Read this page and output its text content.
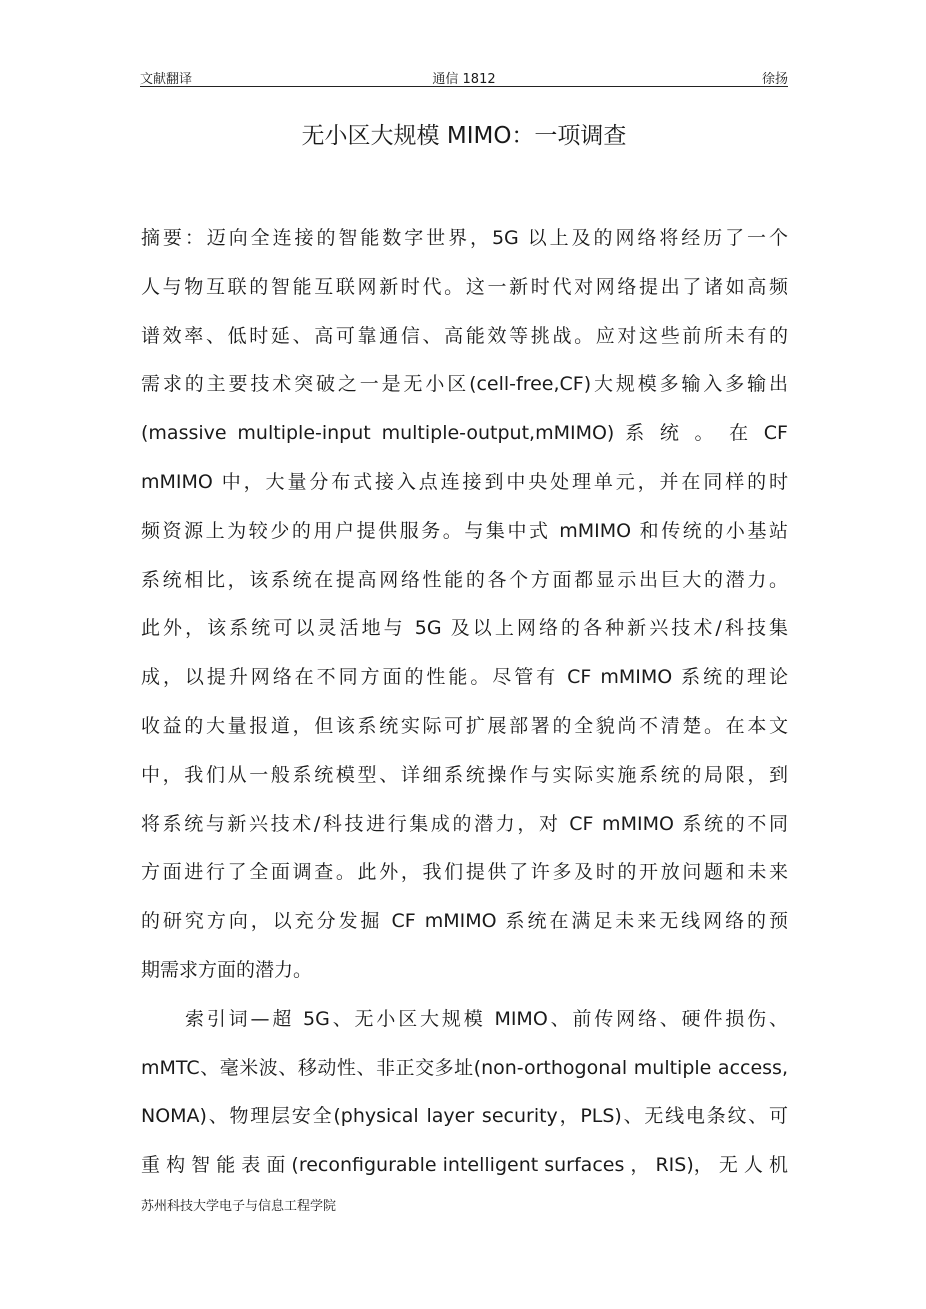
文献翻译	通信 1812	徐扬
无小区大规模 MIMO：一项调查
摘要：迈向全连接的智能数字世界，5G 以上及的网络将经历了一个
人与物互联的智能互联网新时代。这一新时代对网络提出了诸如高频
谱效率、低时延、高可靠通信、高能效等挑战。应对这些前所未有的
需求的主要技术突破之一是无小区(cell-free,CF)大规模多输入多输出
(massive multiple-input multiple-output,mMIMO) 系 统 。 在 CF
mMIMO 中，大量分布式接入点连接到中央处理单元，并在同样的时
频资源上为较少的用户提供服务。与集中式 mMIMO 和传统的小基站
系统相比，该系统在提高网络性能的各个方面都显示出巨大的潜力。
此外，该系统可以灵活地与 5G 及以上网络的各种新兴技术/科技集
成，以提升网络在不同方面的性能。尽管有 CF mMIMO 系统的理论
收益的大量报道，但该系统实际可扩展部署的全貌尚不清楚。在本文
中，我们从一般系统模型、详细系统操作与实际实施系统的局限，到
将系统与新兴技术/科技进行集成的潜力，对 CF mMIMO 系统的不同
方面进行了全面调查。此外，我们提供了许多及时的开放问题和未来
的研究方向，以充分发掘 CF mMIMO 系统在满足未来无线网络的预
期需求方面的潜力。
索引词—超 5G、无小区大规模 MIMO、前传网络、硬件损伤、
mMTC、毫米波、移动性、非正交多址(non-orthogonal multiple access,
NOMA)、物理层安全(physical layer security，PLS)、无线电条纹、可
重 构 智 能 表 面 (reconfigurable intelligent surfaces ， RIS)， 无 人 机
苏州科技大学电子与信息工程学院
